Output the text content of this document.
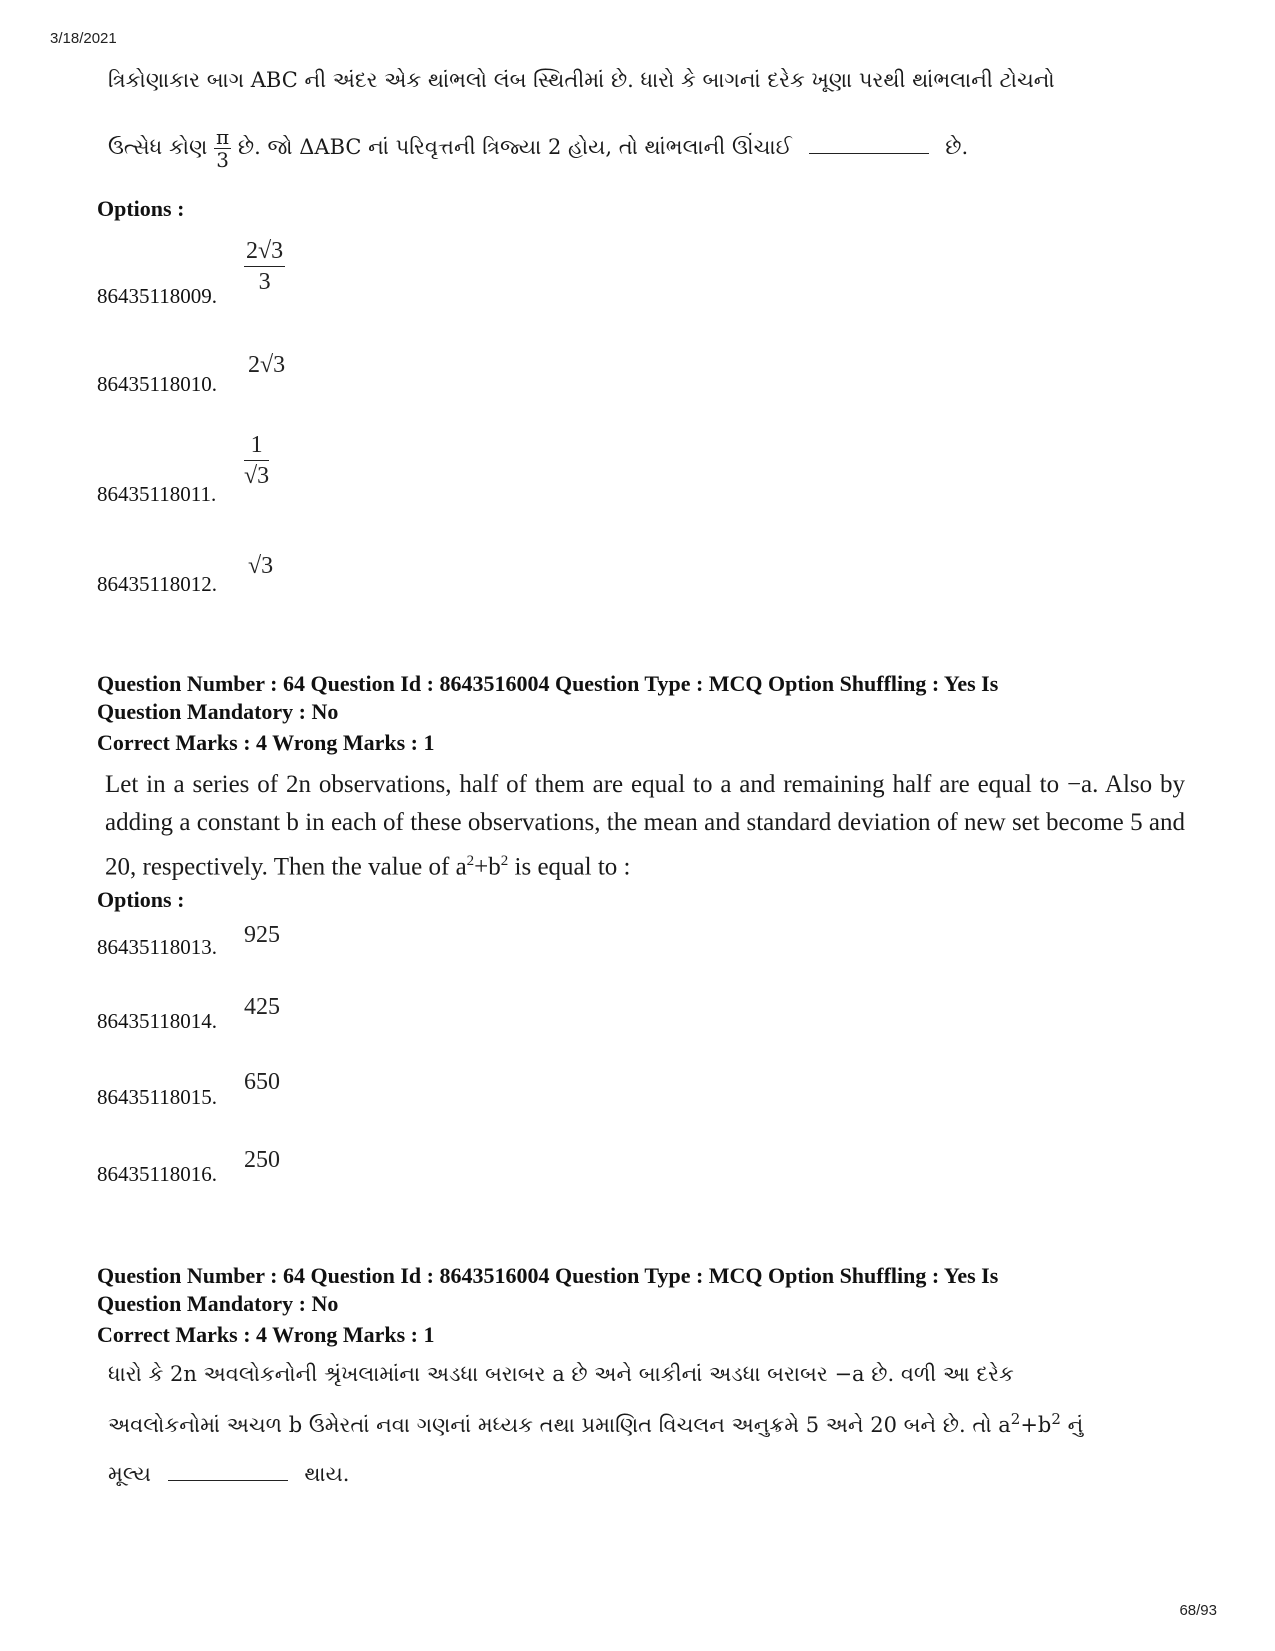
3/18/2021
68/93
ત્રિકોણાકાર બાગ ABC ની અંદર એક થાંભલો લંબ સ્થિતીમાં છે. ધારો કે બાગનાં દરેક ખૂણા પરથી થાંભલાની ટોચનો
ઉત્સેધ કોણ $\frac{\pi}{3}$ છે. જો ΔABC નાં પરિવૃત્તની ત્રિજ્યા 2 હોય, તો થાંભલાની ઊંચાઈ	છે.
Options :
86435118009. $\frac{2√3}{3}$
86435118010.
2√3
86435118011.
$\frac{1}{√3}$
86435118012.
√3
Question Number : 64 Question Id : 8643516004 Question Type : MCQ Option Shuffling : Yes Is
Question Mandatory : No
Correct Marks : 4 Wrong Marks : 1
Let in a series of 2n observations, half of them are equal to a and remaining half are equal to −a. Also by adding a constant b in each of these observations, the mean and standard deviation of new set become 5 and 20, respectively. Then the value of $a^2+b^2$ is equal to :
Options :
86435118013. 925
86435118014.
425
86435118015.
650
86435118016.
250
Question Number : 64 Question Id : 8643516004 Question Type : MCQ Option Shuffling : Yes Is
Question Mandatory : No
Correct Marks : 4 Wrong Marks : 1
ધારો કે 2n અવલોકનોની શ્રૃંખલામાંના અડધા બરાબર a છે અને બાકીનાં અડધા બરાબર −a છે. વળી આ દરેક
અવલોકનોમાં અચળ b ઉમેરતાં નવા ગણનાં મધ્યક તથા પ્રમાણિત વિચલન અનુક્રમે 5 અને 20 બને છે. તો $a^2+b^2$ નું
મૂલ્ય	થાય.
